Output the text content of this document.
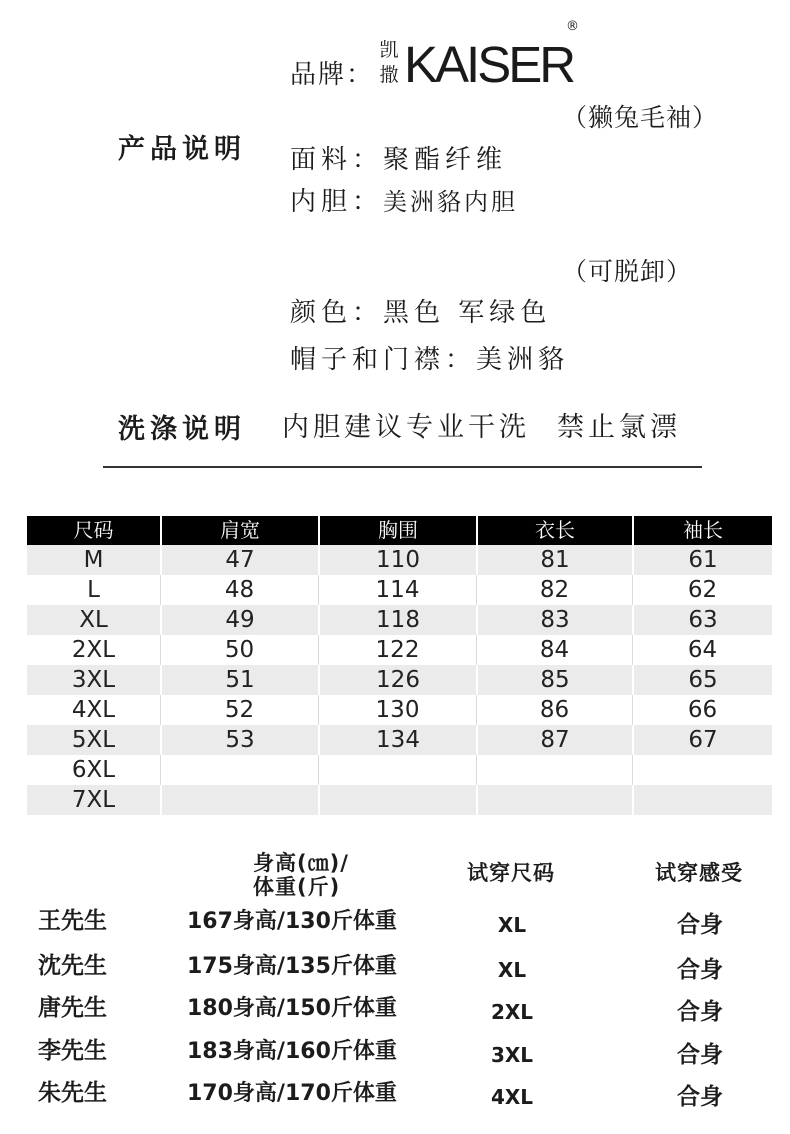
品牌：
凯
撒 KAISER
®
产品说明
（獭兔毛袖）
面料：聚酯纤维
内胆：美洲貉内胆
（可脱卸）
颜色：黑色 军绿色
帽子和门襟：美洲貉
洗涤说明 内胆建议专业干洗 禁止氯漂
尺码	肩宽	胸围	衣长	袖长
M	47	110	81	61
L	48	114	82	62
XL	49	118	83	63
2XL	50	122	84	64
3XL	51	126	85	65
4XL	52	130	86	66
5XL	53	134	87	67
6XL
7XL
身高(㎝)/
体重(斤)
试穿尺码	试穿感受
王先生	167身高/130斤体重	XL	合身
沈先生	175身高/135斤体重	XL	合身
唐先生	180身高/150斤体重	2XL	合身
李先生	183身高/160斤体重	3XL	合身
朱先生	170身高/170斤体重	4XL	合身
